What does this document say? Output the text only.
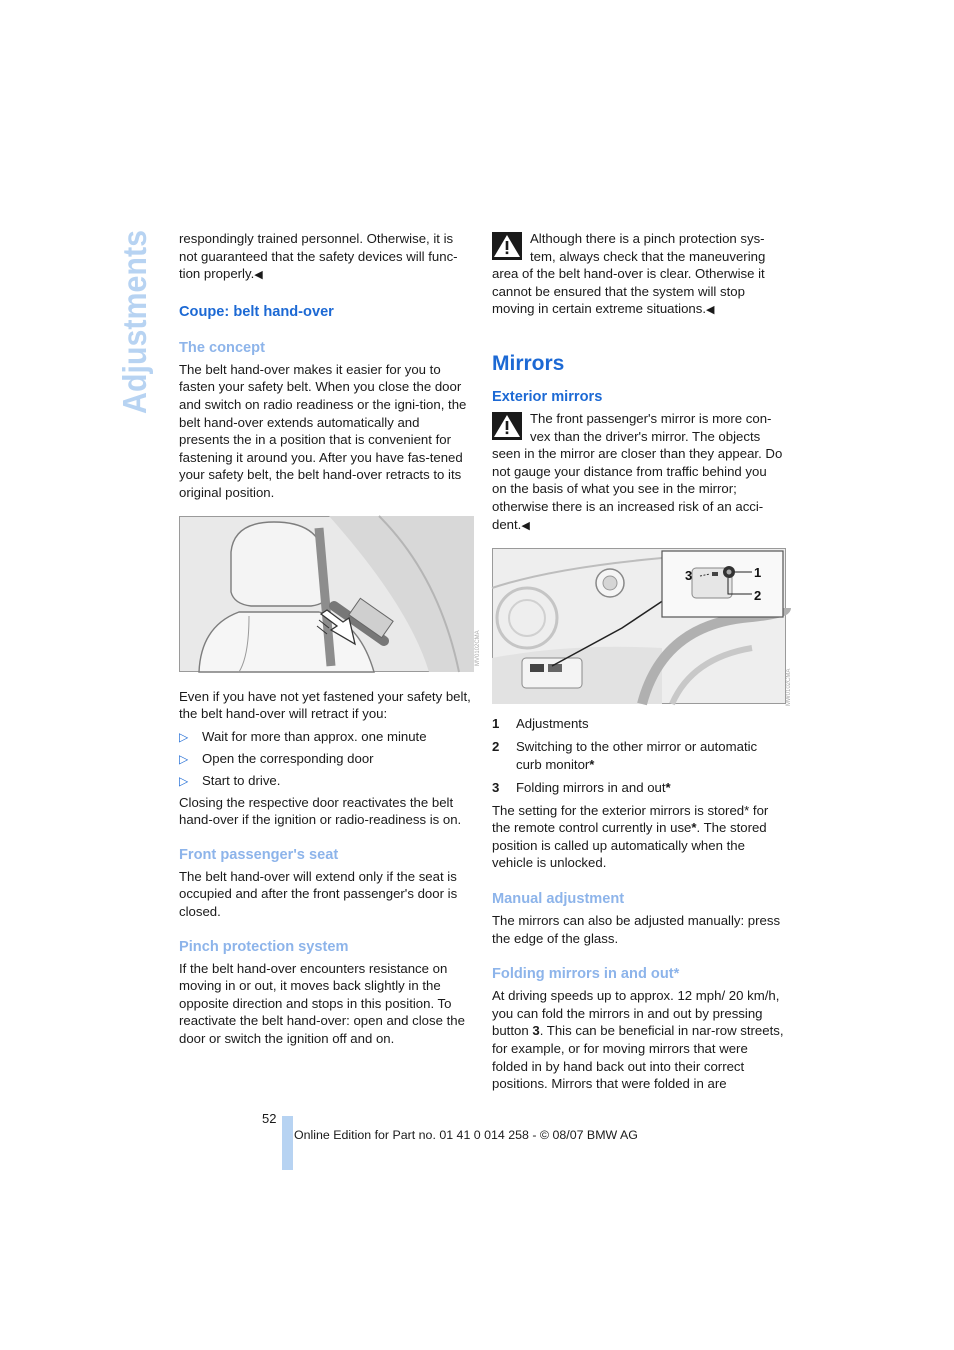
Adjustments respondingly trained personnel. Otherwise, it is not guaranteed that the safety devices will func-tion properly.◀

Coupe: belt hand-over
The concept

The belt hand-over makes it easier for you to fasten your safety belt. When you close the door and switch on radio readiness or the igni-tion, the belt hand-over extends automatically and presents the in a position that is convenient for fastening it around you. After you have fas-tened your safety belt, the belt hand-over retracts to its original position.

MV0102CMA

Even if you have not yet fastened your safety belt, the belt hand-over will retract if you:

▷ Wait for more than approx. one minute
▷ Open the corresponding door
▷ Start to drive.

Closing the respective door reactivates the belt hand-over if the ignition or radio-readiness is on.

Front passenger's seat

The belt hand-over will extend only if the seat is occupied and after the front passenger's door is closed.

Pinch protection system

If the belt hand-over encounters resistance on moving in or out, it moves back slightly in the opposite direction and stops in this position. To reactivate the belt hand-over: open and close the door or switch the ignition off and on.

Although there is a pinch protection sys-tem, always check that the maneuvering area of the belt hand-over is clear. Otherwise it cannot be ensured that the system will stop moving in certain extreme situations.◀

Mirrors
Exterior mirrors

The front passenger's mirror is more con-vex than the driver's mirror. The objects seen in the mirror are closer than they appear. Do not gauge your distance from traffic behind you on the basis of what you see in the mirror; otherwise there is an increased risk of an acci-dent.◀

3	1
2
MW0102CMA
1 Adjustments
2 Switching to the other mirror or automatic curb monitor*
3 Folding mirrors in and out*

The setting for the exterior mirrors is stored* for the remote control currently in use*. The stored position is called up automatically when the vehicle is unlocked.

Manual adjustment

The mirrors can also be adjusted manually: press the edge of the glass.

Folding mirrors in and out*

At driving speeds up to approx. 12 mph/ 20 km/h, you can fold the mirrors in and out by pressing button 3. This can be beneficial in nar-row streets, for example, or for moving mirrors that were folded in by hand back out into their correct positions. Mirrors that were folded in are

52
Online Edition for Part no. 01 41 0 014 258 - © 08/07 BMW AG
